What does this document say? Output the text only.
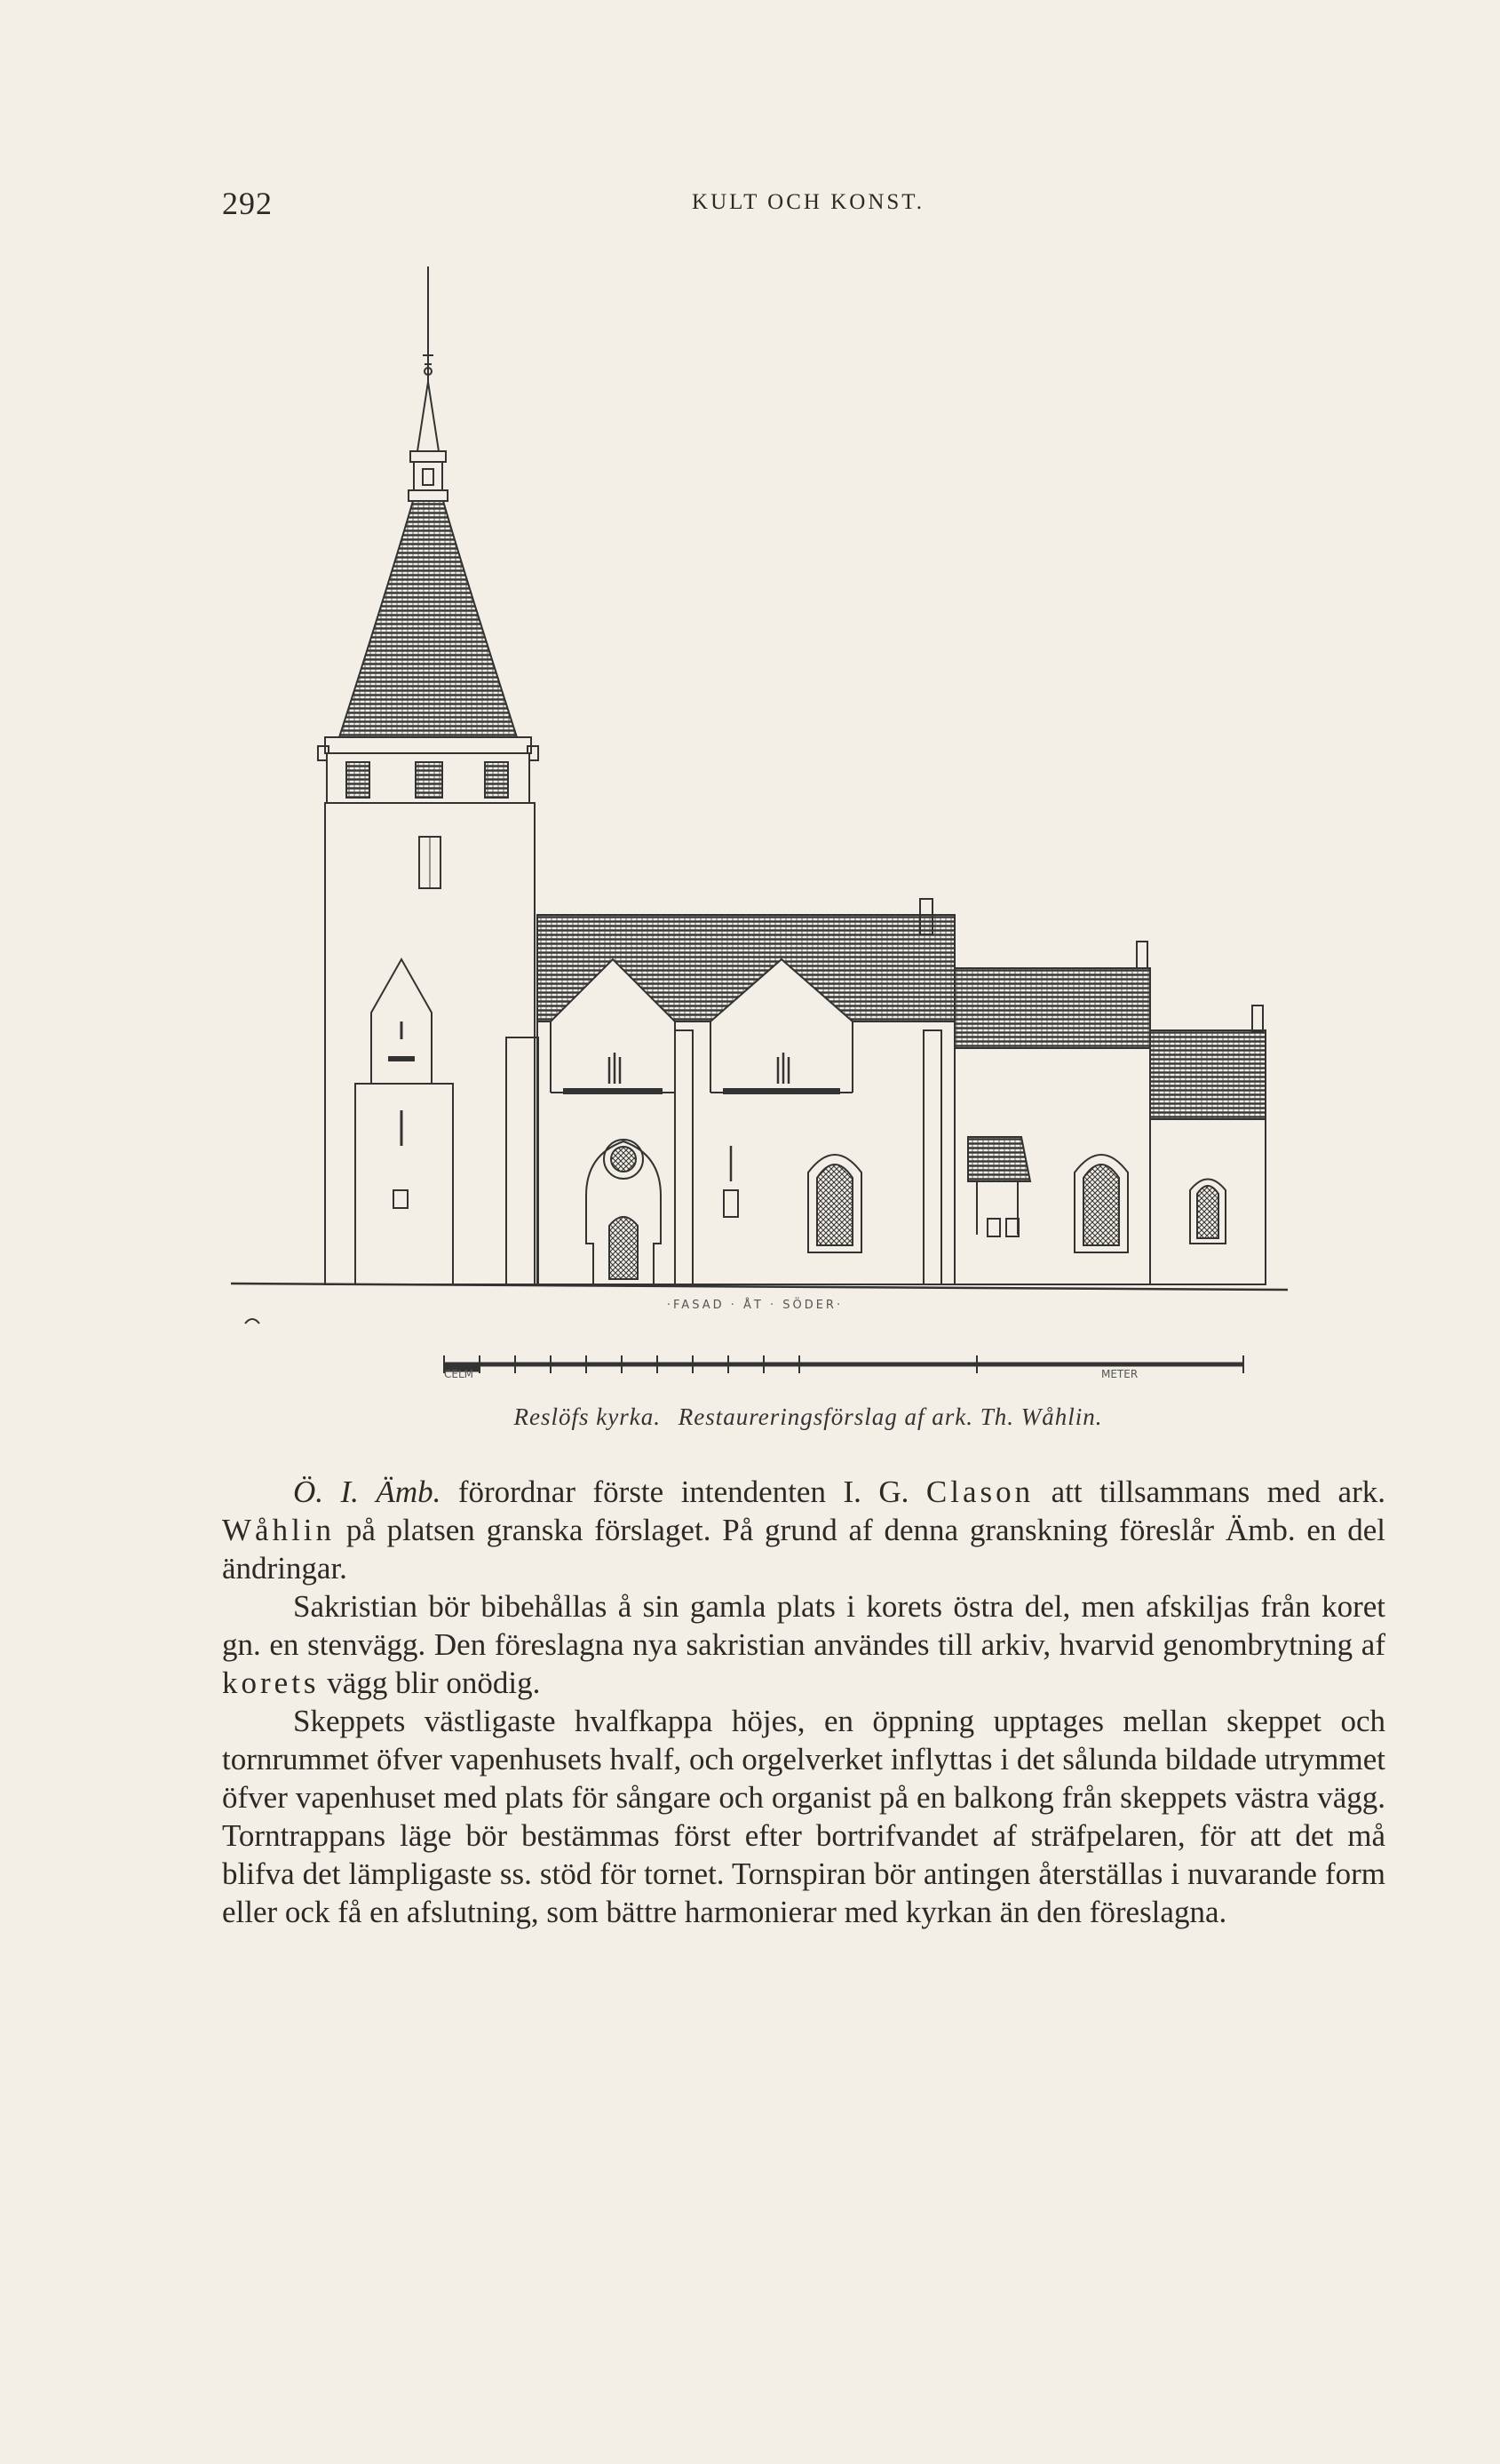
292	KULT OCH KONST.
·FASAD · ÅT · SÖDER·
CELM	METER
Reslöfs kyrka. Restaureringsförslag af ark. Th. Wåhlin.

Ö. I. Ämb. förordnar förste intendenten I. G. Clason att tillsammans med ark. Wåhlin på platsen granska förslaget. På grund af denna granskning föreslår Ämb. en del ändringar.

Sakristian bör bibehållas å sin gamla plats i korets östra del, men afskiljas från koret gn. en stenvägg. Den föreslagna nya sakristian användes till arkiv, hvarvid genombrytning af korets vägg blir onödig.

Skeppets västligaste hvalfkappa höjes, en öppning upptages mellan skeppet och tornrummet öfver vapenhusets hvalf, och orgelverket inflyttas i det sålunda bildade utrymmet öfver vapenhuset med plats för sångare och organist på en balkong från skeppets västra vägg. Torntrappans läge bör bestämmas först efter bortrifvandet af sträfpelaren, för att det må blifva det lämpligaste ss. stöd för tornet. Tornspiran bör antingen återställas i nuvarande form eller ock få en afslutning, som bättre harmonierar med kyrkan än den föreslagna.
